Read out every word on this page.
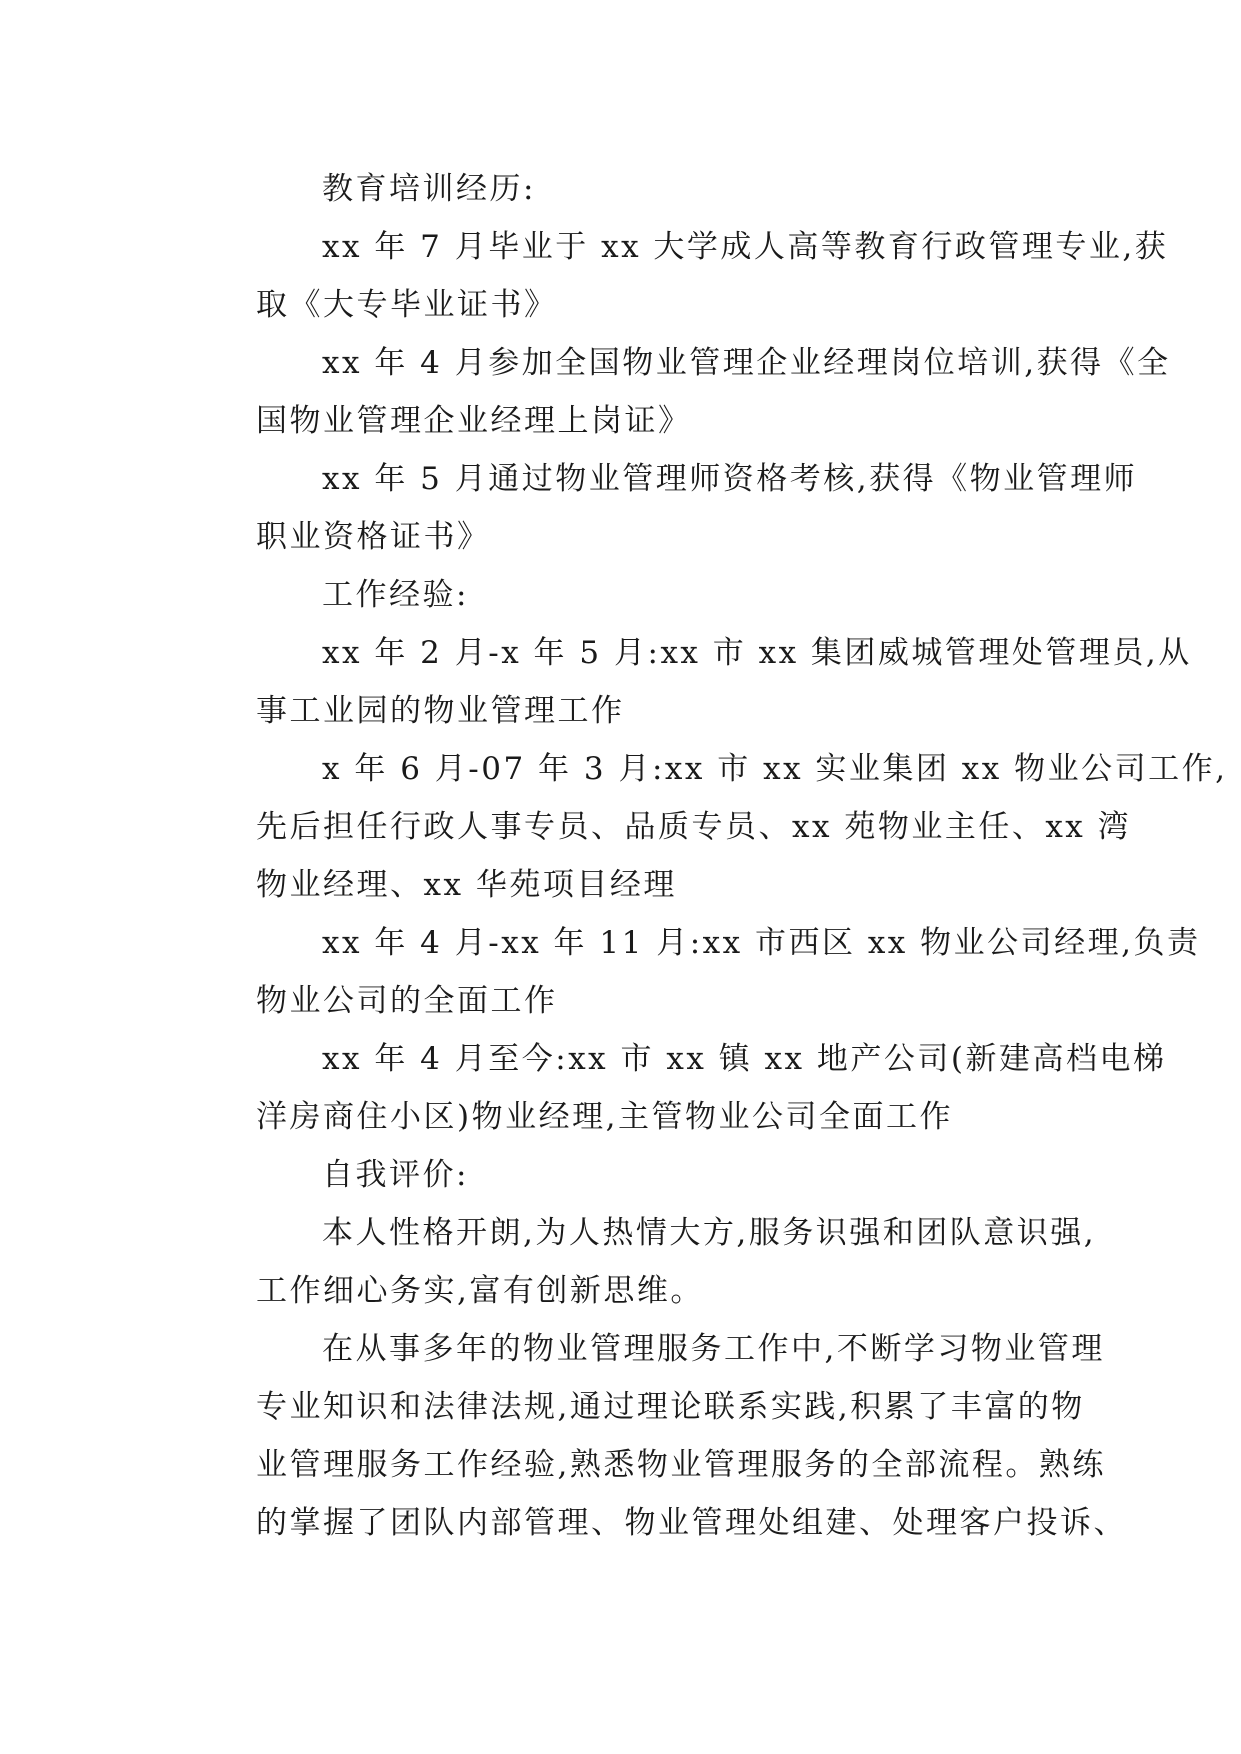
教育培训经历:
xx 年 7 月毕业于 xx 大学成人高等教育行政管理专业,获
取《大专毕业证书》
xx 年 4 月参加全国物业管理企业经理岗位培训,获得《全
国物业管理企业经理上岗证》
xx 年 5 月通过物业管理师资格考核,获得《物业管理师
职业资格证书》
工作经验:
xx 年 2 月-x 年 5 月:xx 市 xx 集团威城管理处管理员,从
事工业园的物业管理工作
x 年 6 月-07 年 3 月:xx 市 xx 实业集团 xx 物业公司工作,
先后担任行政人事专员、品质专员、xx 苑物业主任、xx 湾
物业经理、xx 华苑项目经理
xx 年 4 月-xx 年 11 月:xx 市西区 xx 物业公司经理,负责
物业公司的全面工作
xx 年 4 月至今:xx 市 xx 镇 xx 地产公司(新建高档电梯
洋房商住小区)物业经理,主管物业公司全面工作
自我评价:
本人性格开朗,为人热情大方,服务识强和团队意识强,
工作细心务实,富有创新思维。
在从事多年的物业管理服务工作中,不断学习物业管理
专业知识和法律法规,通过理论联系实践,积累了丰富的物
业管理服务工作经验,熟悉物业管理服务的全部流程。熟练
的掌握了团队内部管理、物业管理处组建、处理客户投诉、
